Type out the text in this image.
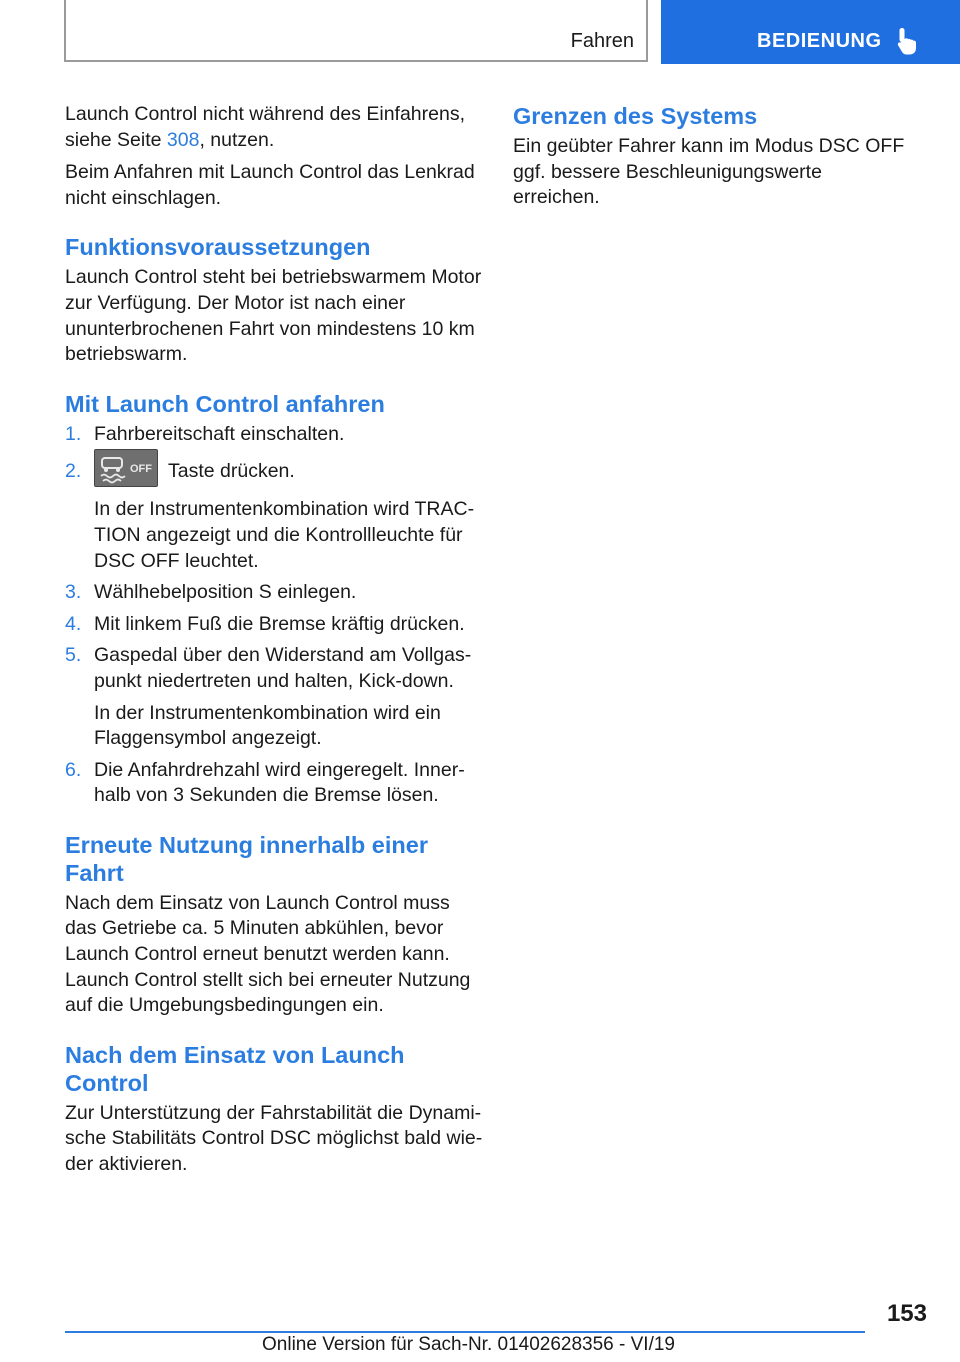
Fahren	BEDIENUNG

Launch Control nicht während des Einfahrens, siehe Seite 308, nutzen.

Beim Anfahren mit Launch Control das Lenkrad nicht einschlagen.

Funktionsvoraussetzungen

Launch Control steht bei betriebswarmem Motor zur Verfügung. Der Motor ist nach einer ununterbrochenen Fahrt von mindestens 10 km betriebswarm.

Mit Launch Control anfahren
1. Fahrbereitschaft einschalten.
2.	OFF Taste drücken.

In der Instrumentenkombination wird TRACTION angezeigt und die Kontrollleuchte für DSC OFF leuchtet.

3. Wählhebelposition S einlegen.
4. Mit linkem Fuß die Bremse kräftig drücken.
5. Gaspedal über den Widerstand am Vollgaspunkt niedertreten und halten, Kick-down.

In der Instrumentenkombination wird ein Flaggensymbol angezeigt.

6. Die Anfahrdrehzahl wird eingeregelt. Innerhalb von 3 Sekunden die Bremse lösen.
Erneute Nutzung innerhalb einer Fahrt

Nach dem Einsatz von Launch Control muss das Getriebe ca. 5 Minuten abkühlen, bevor Launch Control erneut benutzt werden kann. Launch Control stellt sich bei erneuter Nutzung auf die Umgebungsbedingungen ein.

Nach dem Einsatz von Launch Control

Zur Unterstützung der Fahrstabilität die Dynamische Stabilitäts Control DSC möglichst bald wieder aktivieren.

Grenzen des Systems

Ein geübter Fahrer kann im Modus DSC OFF ggf. bessere Beschleunigungswerte erreichen.

153
Online Version für Sach-Nr. 01402628356 - VI/19
